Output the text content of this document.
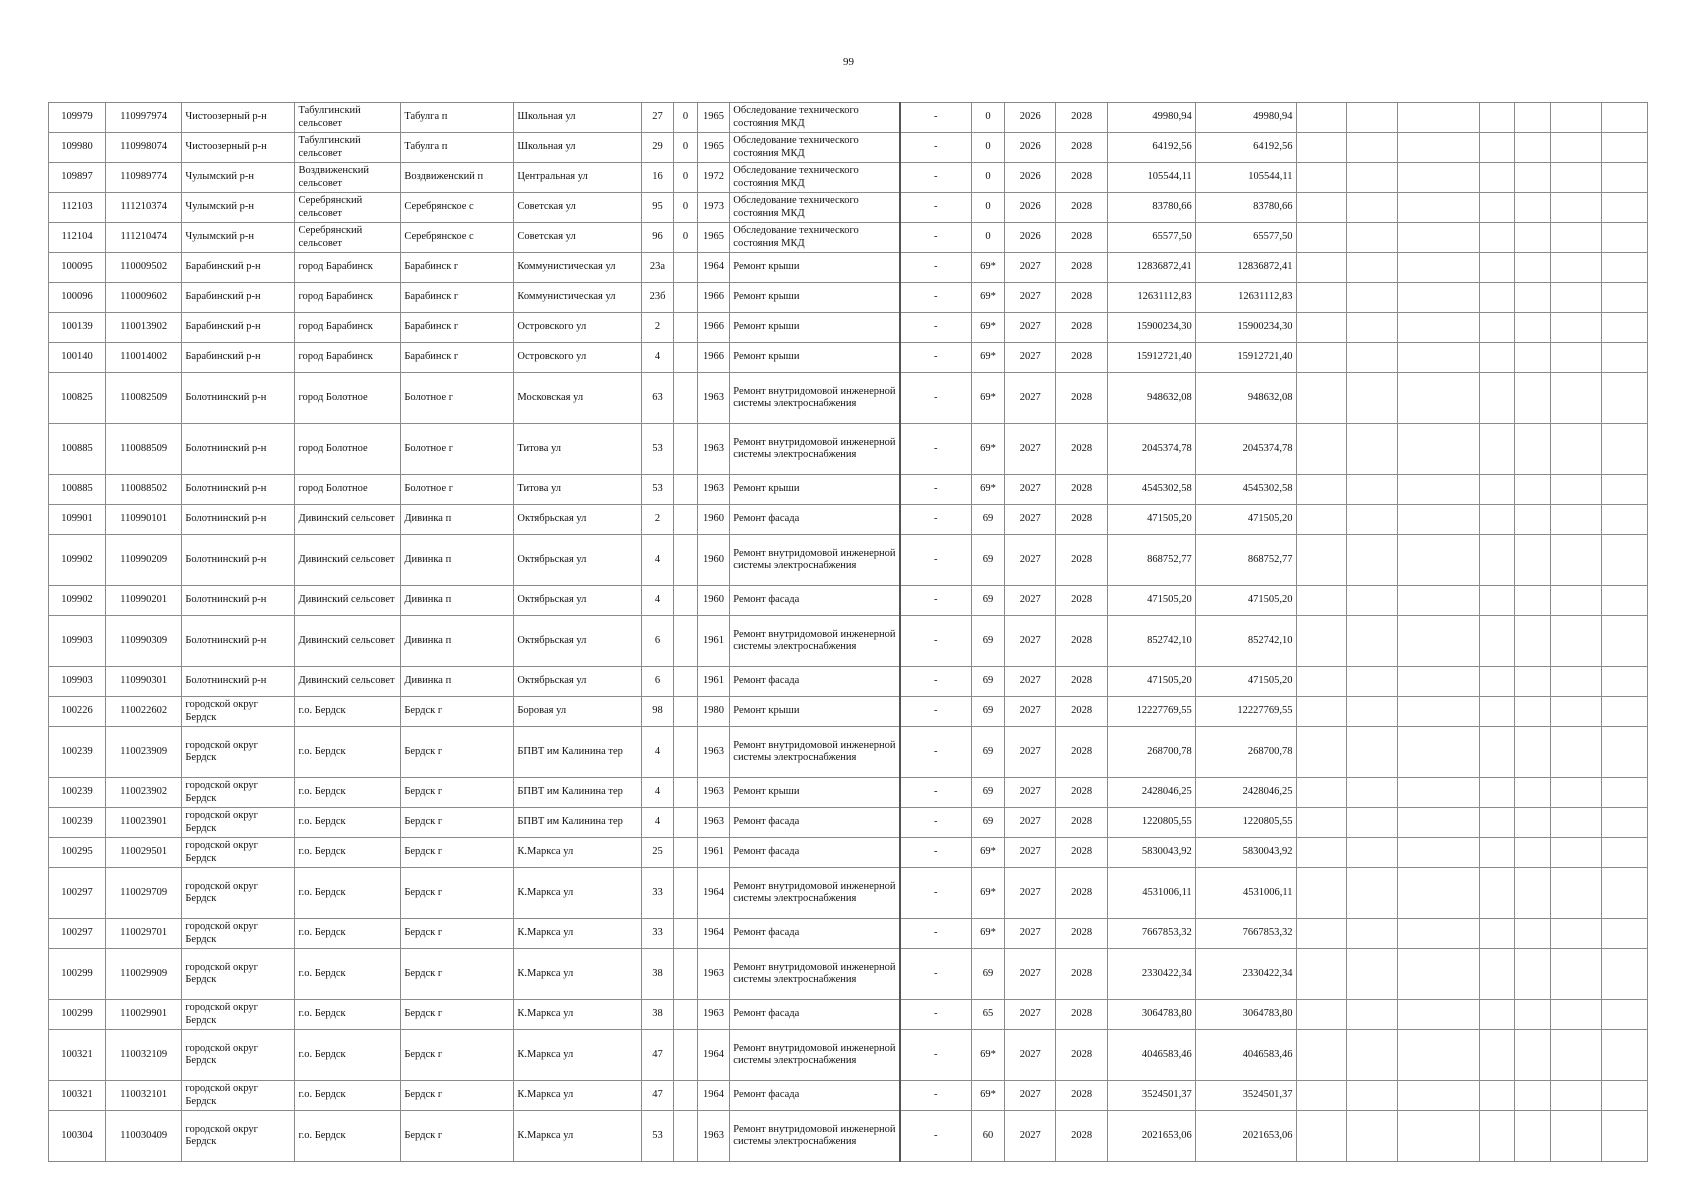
99
109979	110997974	Чистоозерный р-н	Табулгинский сельсовет	Табулга п	Школьная ул	27	0	1965	Обследование технического состояния МКД	-	0	2026	2028	49980,94	49980,94							
109980	110998074	Чистоозерный р-н	Табулгинский сельсовет	Табулга п	Школьная ул	29	0	1965	Обследование технического состояния МКД	-	0	2026	2028	64192,56	64192,56							
109897	110989774	Чулымский р-н	Воздвиженский сельсовет	Воздвиженский п	Центральная ул	16	0	1972	Обследование технического состояния МКД	-	0	2026	2028	105544,11	105544,11							
112103	111210374	Чулымский р-н	Серебрянский сельсовет	Серебрянское с	Советская ул	95	0	1973	Обследование технического состояния МКД	-	0	2026	2028	83780,66	83780,66							
112104	111210474	Чулымский р-н	Серебрянский сельсовет	Серебрянское с	Советская ул	96	0	1965	Обследование технического состояния МКД	-	0	2026	2028	65577,50	65577,50							
100095	110009502	Барабинский р-н	город Барабинск	Барабинск г	Коммунистическая ул	23а		1964	Ремонт крыши	-	69*	2027	2028	12836872,41	12836872,41							
100096	110009602	Барабинский р-н	город Барабинск	Барабинск г	Коммунистическая ул	23б		1966	Ремонт крыши	-	69*	2027	2028	12631112,83	12631112,83							
100139	110013902	Барабинский р-н	город Барабинск	Барабинск г	Островского ул	2		1966	Ремонт крыши	-	69*	2027	2028	15900234,30	15900234,30							
100140	110014002	Барабинский р-н	город Барабинск	Барабинск г	Островского ул	4		1966	Ремонт крыши	-	69*	2027	2028	15912721,40	15912721,40							
100825	110082509	Болотнинский р-н	город Болотное	Болотное г	Московская ул	63		1963	Ремонт внутридомовой инженерной системы электроснабжения	-	69*	2027	2028	948632,08	948632,08							
100885	110088509	Болотнинский р-н	город Болотное	Болотное г	Титова ул	53		1963	Ремонт внутридомовой инженерной системы электроснабжения	-	69*	2027	2028	2045374,78	2045374,78							
100885	110088502	Болотнинский р-н	город Болотное	Болотное г	Титова ул	53		1963	Ремонт крыши	-	69*	2027	2028	4545302,58	4545302,58							
109901	110990101	Болотнинский р-н	Дивинский сельсовет	Дивинка п	Октябрьская ул	2		1960	Ремонт фасада	-	69	2027	2028	471505,20	471505,20							
109902	110990209	Болотнинский р-н	Дивинский сельсовет	Дивинка п	Октябрьская ул	4		1960	Ремонт внутридомовой инженерной системы электроснабжения	-	69	2027	2028	868752,77	868752,77							
109902	110990201	Болотнинский р-н	Дивинский сельсовет	Дивинка п	Октябрьская ул	4		1960	Ремонт фасада	-	69	2027	2028	471505,20	471505,20							
109903	110990309	Болотнинский р-н	Дивинский сельсовет	Дивинка п	Октябрьская ул	6		1961	Ремонт внутридомовой инженерной системы электроснабжения	-	69	2027	2028	852742,10	852742,10							
109903	110990301	Болотнинский р-н	Дивинский сельсовет	Дивинка п	Октябрьская ул	6		1961	Ремонт фасада	-	69	2027	2028	471505,20	471505,20							
100226	110022602	городской округ Бердск	г.о. Бердск	Бердск г	Боровая ул	98		1980	Ремонт крыши	-	69	2027	2028	12227769,55	12227769,55							
100239	110023909	городской округ Бердск	г.о. Бердск	Бердск г	БПВТ им Калинина тер	4		1963	Ремонт внутридомовой инженерной системы электроснабжения	-	69	2027	2028	268700,78	268700,78							
100239	110023902	городской округ Бердск	г.о. Бердск	Бердск г	БПВТ им Калинина тер	4		1963	Ремонт крыши	-	69	2027	2028	2428046,25	2428046,25							
100239	110023901	городской округ Бердск	г.о. Бердск	Бердск г	БПВТ им Калинина тер	4		1963	Ремонт фасада	-	69	2027	2028	1220805,55	1220805,55							
100295	110029501	городской округ Бердск	г.о. Бердск	Бердск г	К.Маркса ул	25		1961	Ремонт фасада	-	69*	2027	2028	5830043,92	5830043,92							
100297	110029709	городской округ Бердск	г.о. Бердск	Бердск г	К.Маркса ул	33		1964	Ремонт внутридомовой инженерной системы электроснабжения	-	69*	2027	2028	4531006,11	4531006,11							
100297	110029701	городской округ Бердск	г.о. Бердск	Бердск г	К.Маркса ул	33		1964	Ремонт фасада	-	69*	2027	2028	7667853,32	7667853,32							
100299	110029909	городской округ Бердск	г.о. Бердск	Бердск г	К.Маркса ул	38		1963	Ремонт внутридомовой инженерной системы электроснабжения	-	69	2027	2028	2330422,34	2330422,34							
100299	110029901	городской округ Бердск	г.о. Бердск	Бердск г	К.Маркса ул	38		1963	Ремонт фасада	-	65	2027	2028	3064783,80	3064783,80							
100321	110032109	городской округ Бердск	г.о. Бердск	Бердск г	К.Маркса ул	47		1964	Ремонт внутридомовой инженерной системы электроснабжения	-	69*	2027	2028	4046583,46	4046583,46							
100321	110032101	городской округ Бердск	г.о. Бердск	Бердск г	К.Маркса ул	47		1964	Ремонт фасада	-	69*	2027	2028	3524501,37	3524501,37							
100304	110030409	городской округ Бердск	г.о. Бердск	Бердск г	К.Маркса ул	53		1963	Ремонт внутридомовой инженерной системы электроснабжения	-	60	2027	2028	2021653,06	2021653,06							
